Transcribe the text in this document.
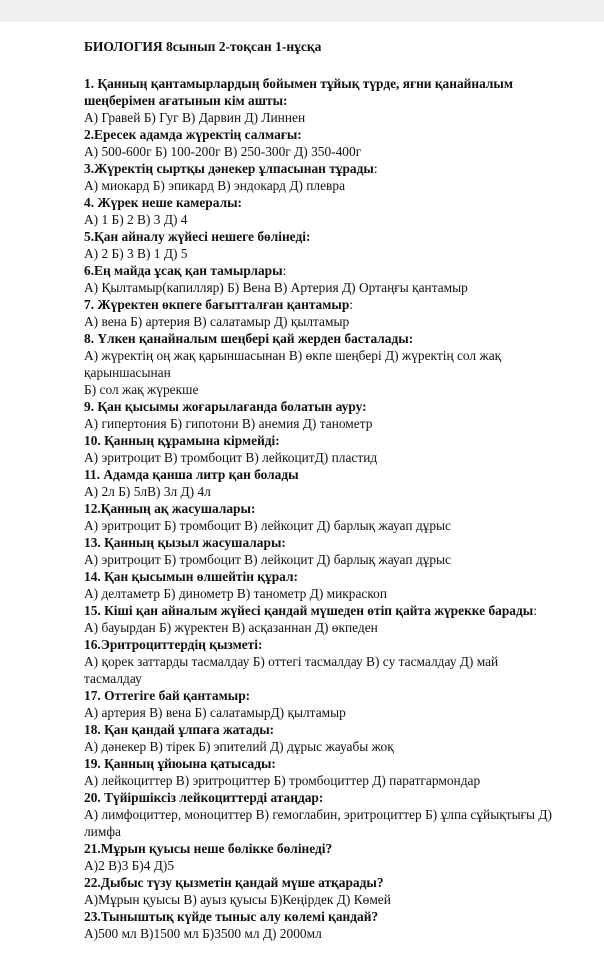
БИОЛОГИЯ 8сынып 2-тоқсан 1-нұсқа
1. Қанның қантамырлардың бойымен тұйық түрде, яғни қанайналым
шеңберімен ағатынын кім ашты:
А) Гравей Б) Гуг В) Дарвин Д) Линнен
2.Ересек адамда жүректің салмағы:
А) 500-600г Б) 100-200г В) 250-300г Д) 350-400г
3.Жүректің сыртқы дәнекер ұлпасынан тұрады:
А) миокард Б) эпикард В) эндокард Д) плевра
4. Жүрек неше камералы:
А) 1 Б) 2 В) 3 Д) 4
5.Қан айналу жүйесі нешеге бөлінеді:
А) 2 Б) 3 В) 1 Д) 5
6.Ең майда ұсақ қан тамырлары:
А) Қылтамыр(капилляр) Б) Вена В) Артерия Д) Ортаңғы қантамыр
7. Жүректен өкпеге бағытталған қантамыр:
А) вена Б) артерия В) салатамыр Д) қылтамыр
8. Үлкен қанайналым шеңбері қай жерден басталады:
А) жүректің оң жақ қарыншасынан В) өкпе шеңбері Д) жүректің сол жақ
қарыншасынан
Б) сол жақ жүрекше
9. Қан қысымы жоғарылағанда болатын ауру:
А) гипертония Б) гипотони В) анемия Д) танометр
10. Қанның құрамына кірмейді:
А) эритроцит В) тромбоцит В) лейкоцитД) пластид
11. Адамда қанша литр қан болады
А) 2л Б) 5лВ) 3л Д) 4л
12.Қанның ақ жасушалары:
А) эритроцит Б) тромбоцит В) лейкоцит Д) барлық жауап дұрыс
13. Қанның қызыл жасушалары:
А) эритроцит Б) тромбоцит В) лейкоцит Д) барлық жауап дұрыс
14. Қан қысымын өлшейтін құрал:
А) делтаметр Б) динометр В) танометр Д) микраскоп
15. Кіші қан айналым жүйесі қандай мүшеден өтіп қайта жүрекке барады:
А) бауырдан Б) жүректен В) асқазаннан Д) өкпеден
16.Эритроциттердің қызметі:
А) қорек заттарды тасмалдау Б) оттегі тасмалдау В) су тасмалдау Д) май
тасмалдау
17. Оттегіге бай қантамыр:
А) артерия В) вена Б) салатамырД) қылтамыр
18. Қан қандай ұлпаға жатады:
А) дәнекер В) тірек Б) эпителий Д) дұрыс жауабы жоқ
19. Қанның ұйюына қатысады:
А) лейкоциттер В) эритроциттер Б) тромбоциттер Д) паратгармондар
20. Түйіршіксіз лейкоциттерді атаңдар:
А) лимфоциттер, моноциттер В) гемоглабин, эритроциттер Б) ұлпа сұйықтығы Д)
лимфа
21.Мұрын қуысы неше бөлікке бөлінеді?
А)2 В)3 Б)4 Д)5
22.Дыбыс түзу қызметін қандай мүше атқарады?
А)Мұрын қуысы В) ауыз қуысы Б)Кеңірдек Д) Көмей
23.Тыныштық күйде тыныс алу көлемі қандай?
А)500 мл В)1500 мл Б)3500 мл Д) 2000мл
